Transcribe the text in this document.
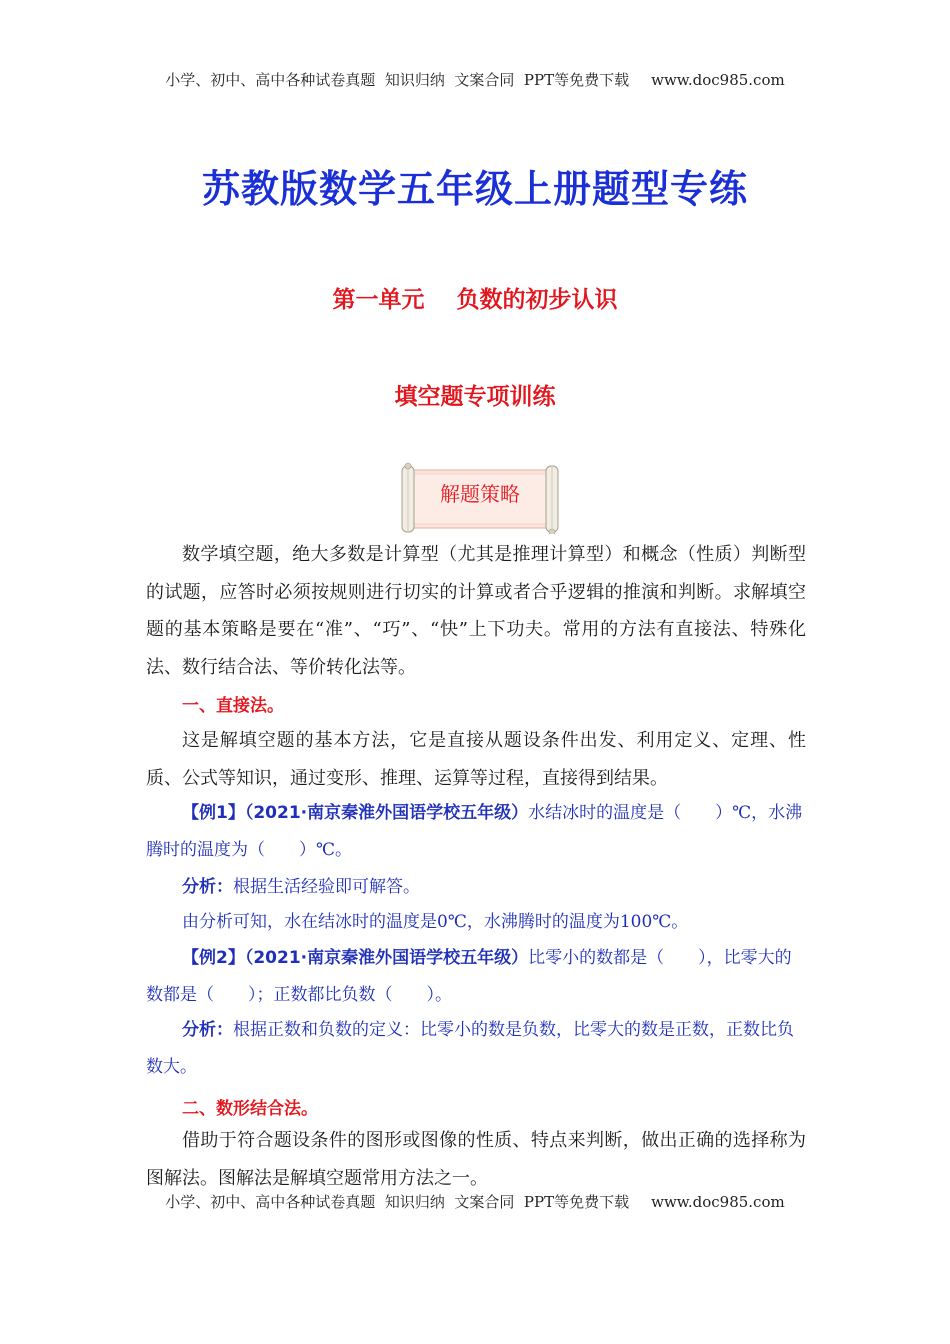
小学、初中、高中各种试卷真题  知识归纳  文案合同  PPT等免费下载 www.doc985.com
苏教版数学五年级上册题型专练
第一单元    负数的初步认识
填空题专项训练
解题策略
数学填空题，绝大多数是计算型（尤其是推理计算型）和概念（性质）判断型的试题，应答时必须按规则进行切实的计算或者合乎逻辑的推演和判断。求解填空题的基本策略是要在“准”、“巧”、“快”上下功夫。常用的方法有直接法、特殊化法、数行结合法、等价转化法等。
一、直接法。
这是解填空题的基本方法，它是直接从题设条件出发、利用定义、定理、性质、公式等知识，通过变形、推理、运算等过程，直接得到结果。
【例1】（2021·南京秦淮外国语学校五年级）水结冰时的温度是（　　）℃，水沸腾时的温度为（　　）℃。
分析：根据生活经验即可解答。
由分析可知，水在结冰时的温度是0℃，水沸腾时的温度为100℃。
【例2】（2021·南京秦淮外国语学校五年级）比零小的数都是（　　），比零大的数都是（　　）；正数都比负数（　　）。
分析：根据正数和负数的定义：比零小的数是负数，比零大的数是正数，正数比负数大。
二、数形结合法。
借助于符合题设条件的图形或图像的性质、特点来判断，做出正确的选择称为图解法。图解法是解填空题常用方法之一。
小学、初中、高中各种试卷真题  知识归纳  文案合同  PPT等免费下载 www.doc985.com
